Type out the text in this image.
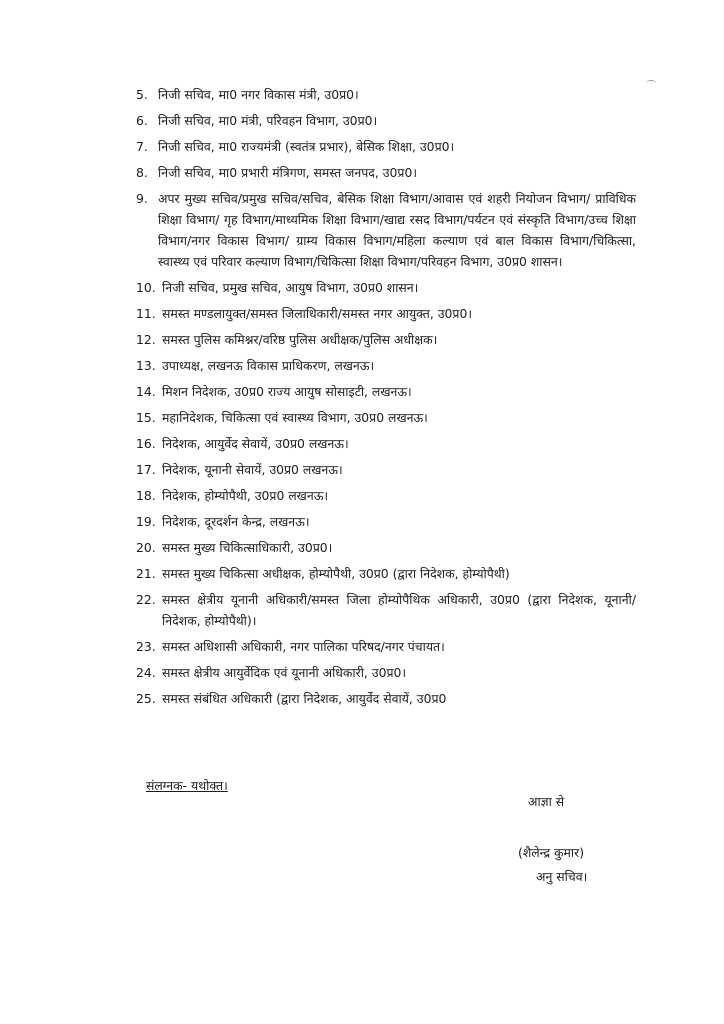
5. निजी सचिव, मा0 नगर विकास मंत्री, उ0प्र0।
6. निजी सचिव, मा0 मंत्री, परिवहन विभाग, उ0प्र0।
7. निजी सचिव, मा0 राज्यमंत्री (स्वतंत्र प्रभार), बेसिक शिक्षा, उ0प्र0।
8. निजी सचिव, मा0 प्रभारी मंत्रिगण, समस्त जनपद, उ0प्र0।
9. अपर मुख्य सचिव/प्रमुख सचिव/सचिव, बेसिक शिक्षा विभाग/आवास एवं शहरी नियोजन विभाग/ प्राविधिक शिक्षा विभाग/ गृह विभाग/माध्यमिक शिक्षा विभाग/खाद्य रसद विभाग/पर्यटन एवं संस्कृति विभाग/उच्च शिक्षा विभाग/नगर विकास विभाग/ ग्राम्य विकास विभाग/महिला कल्याण एवं बाल विकास विभाग/चिकित्सा, स्वास्थ्य एवं परिवार कल्याण विभाग/चिकित्सा शिक्षा विभाग/परिवहन विभाग, उ0प्र0 शासन।
10. निजी सचिव, प्रमुख सचिव, आयुष विभाग, उ0प्र0 शासन।
11. समस्त मण्डलायुक्त/समस्त जिलाधिकारी/समस्त नगर आयुक्त, उ0प्र0।
12. समस्त पुलिस कमिश्नर/वरिष्ठ पुलिस अधीक्षक/पुलिस अधीक्षक।
13. उपाध्यक्ष, लखनऊ विकास प्राधिकरण, लखनऊ।
14. मिशन निदेशक, उ0प्र0 राज्य आयुष सोसाइटी, लखनऊ।
15. महानिदेशक, चिकित्सा एवं स्वास्थ्य विभाग, उ0प्र0 लखनऊ।
16. निदेशक, आयुर्वेद सेवायें, उ0प्र0 लखनऊ।
17. निदेशक, यूनानी सेवायें, उ0प्र0 लखनऊ।
18. निदेशक, होम्योपैथी, उ0प्र0 लखनऊ।
19. निदेशक, दूरदर्शन केन्द्र, लखनऊ।
20. समस्त मुख्य चिकित्साधिकारी, उ0प्र0।
21. समस्त मुख्य चिकित्सा अधीक्षक, होम्योपैथी, उ0प्र0 (द्वारा निदेशक, होम्योपैथी)
22. समस्त क्षेत्रीय यूनानी अधिकारी/समस्त जिला होम्योपैथिक अधिकारी, उ0प्र0 (द्वारा निदेशक, यूनानी/निदेशक, होम्योपैथी)।
23. समस्त अधिशासी अधिकारी, नगर पालिका परिषद/नगर पंचायत।
24. समस्त क्षेत्रीय आयुर्वेदिक एवं यूनानी अधिकारी, उ0प्र0।
25. समस्त संबंधित अधिकारी (द्वारा निदेशक, आयुर्वेद सेवायें, उ0प्र0
संलग्नक- यथोक्त।
आज्ञा से
(शैलेन्द्र कुमार)
अनु सचिव।
